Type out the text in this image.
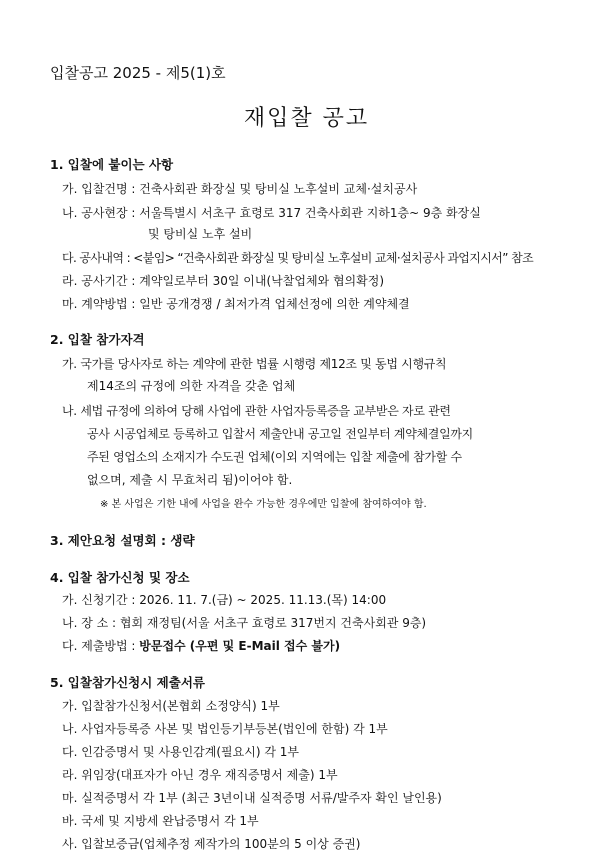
입찰공고 2025 - 제5(1)호
재입찰 공고
1. 입찰에 붙이는 사항
가. 입찰건명 : 건축사회관 화장실 및 탕비실 노후설비 교체·설치공사
나. 공사현장 : 서울특별시 서초구 효령로 317 건축사회관 지하1층~ 9층 화장실
및 탕비실 노후 설비
다. 공사내역 : <붙임> “건축사회관 화장실 및 탕비실 노후설비 교체·설치공사 과업지시서” 참조
라. 공사기간 : 계약일로부터 30일 이내(낙찰업체와 협의확정)
마. 계약방법 : 일반 공개경쟁 / 최저가격 업체선정에 의한 계약체결
2. 입찰 참가자격
가. 국가를 당사자로 하는 계약에 관한 법률 시행령 제12조 및 동법 시행규칙
제14조의 규정에 의한 자격을 갖춘 업체
나. 세법 규정에 의하여 당해 사업에 관한 사업자등록증을 교부받은 자로 관련
공사 시공업체로 등록하고 입찰서 제출안내 공고일 전일부터 계약체결일까지
주된 영업소의 소재지가 수도권 업체(이외 지역에는 입찰 제출에 참가할 수
없으며, 제출 시 무효처리 됨)이어야 함.
※ 본 사업은 기한 내에 사업을 완수 가능한 경우에만 입찰에 참여하여야 함.
3. 제안요청 설명회 : 생략
4. 입찰 참가신청 및 장소
가. 신청기간 : 2026. 11. 7.(금) ~ 2025. 11.13.(목) 14:00
나. 장 소 : 협회 재정팀(서울 서초구 효령로 317번지 건축사회관 9층)
다. 제출방법 : 방문접수 (우편 및 E-Mail 접수 불가)
5. 입찰참가신청시 제출서류
가. 입찰참가신청서(본협회 소정양식) 1부
나. 사업자등록증 사본 및 법인등기부등본(법인에 한함) 각 1부
다. 인감증명서 및 사용인감계(필요시) 각 1부
라. 위임장(대표자가 아닌 경우 재직증명서 제출) 1부
마. 실적증명서 각 1부 (최근 3년이내 실적증명 서류/발주자 확인 날인용)
바. 국세 및 지방세 완납증명서 각 1부
사. 입찰보증금(업체추정 제작가의 100분의 5 이상 증권)
